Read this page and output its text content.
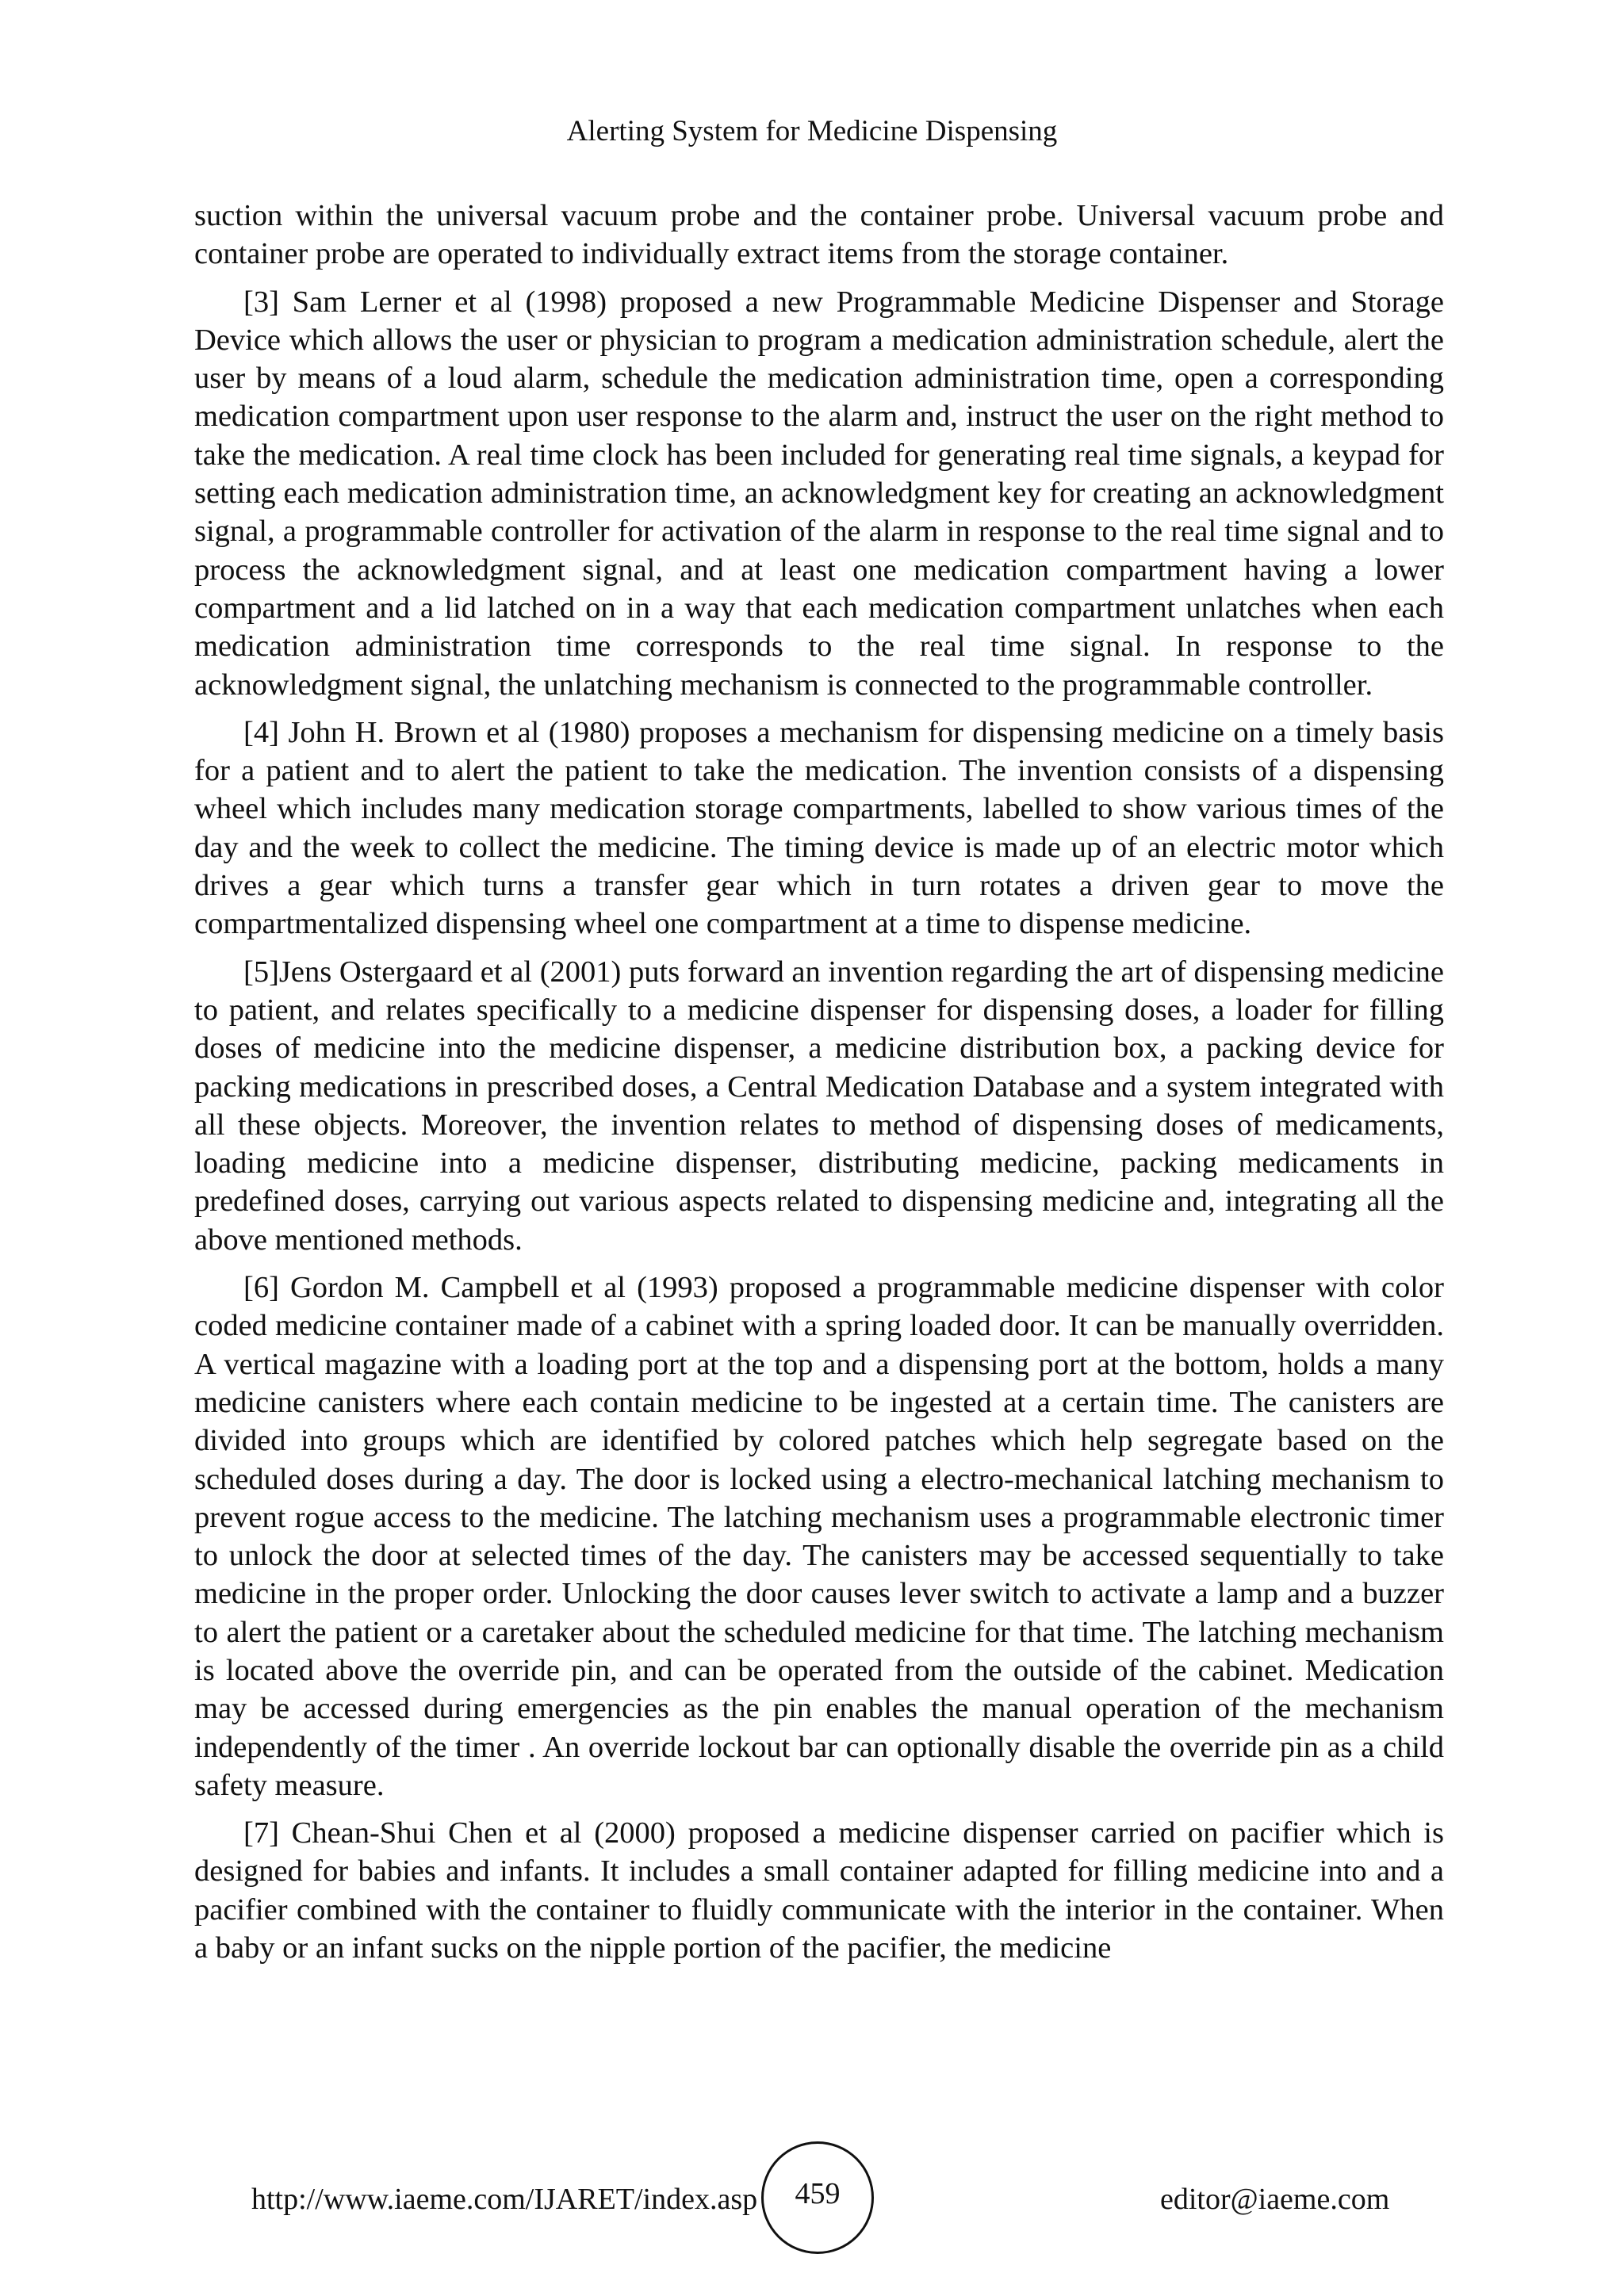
Alerting System for Medicine Dispensing

suction within the universal vacuum probe and the container probe. Universal vacuum probe and container probe are operated to individually extract items from the storage container.

[3] Sam Lerner et al (1998) proposed a new Programmable Medicine Dispenser and Storage Device which allows the user or physician to program a medication administration schedule, alert the user by means of a loud alarm, schedule the medication administration time, open a corresponding medication compartment upon user response to the alarm and, instruct the user on the right method to take the medication. A real time clock has been included for generating real time signals, a keypad for setting each medication administration time, an acknowledgment key for creating an acknowledgment signal, a programmable controller for activation of the alarm in response to the real time signal and to process the acknowledgment signal, and at least one medication compartment having a lower compartment and a lid latched on in a way that each medication compartment unlatches when each medication administration time corresponds to the real time signal. In response to the acknowledgment signal, the unlatching mechanism is connected to the programmable controller.

[4] John H. Brown et al (1980) proposes a mechanism for dispensing medicine on a timely basis for a patient and to alert the patient to take the medication. The invention consists of a dispensing wheel which includes many medication storage compartments, labelled to show various times of the day and the week to collect the medicine. The timing device is made up of an electric motor which drives a gear which turns a transfer gear which in turn rotates a driven gear to move the compartmentalized dispensing wheel one compartment at a time to dispense medicine.

[5]Jens Ostergaard et al (2001) puts forward an invention regarding the art of dispensing medicine to patient, and relates specifically to a medicine dispenser for dispensing doses, a loader for filling doses of medicine into the medicine dispenser, a medicine distribution box, a packing device for packing medications in prescribed doses, a Central Medication Database and a system integrated with all these objects. Moreover, the invention relates to method of dispensing doses of medicaments, loading medicine into a medicine dispenser, distributing medicine, packing medicaments in predefined doses, carrying out various aspects related to dispensing medicine and, integrating all the above mentioned methods.

[6] Gordon M. Campbell et al (1993) proposed a programmable medicine dispenser with color coded medicine container made of a cabinet with a spring loaded door. It can be manually overridden. A vertical magazine with a loading port at the top and a dispensing port at the bottom, holds a many medicine canisters where each contain medicine to be ingested at a certain time. The canisters are divided into groups which are identified by colored patches which help segregate based on the scheduled doses during a day. The door is locked using a electro-mechanical latching mechanism to prevent rogue access to the medicine. The latching mechanism uses a programmable electronic timer to unlock the door at selected times of the day. The canisters may be accessed sequentially to take medicine in the proper order. Unlocking the door causes lever switch to activate a lamp and a buzzer to alert the patient or a caretaker about the scheduled medicine for that time. The latching mechanism is located above the override pin, and can be operated from the outside of the cabinet. Medication may be accessed during emergencies as the pin enables the manual operation of the mechanism independently of the timer . An override lockout bar can optionally disable the override pin as a child safety measure.

[7] Chean-Shui Chen et al (2000) proposed a medicine dispenser carried on pacifier which is designed for babies and infants. It includes a small container adapted for filling medicine into and a pacifier combined with the container to fluidly communicate with the interior in the container. When a baby or an infant sucks on the nipple portion of the pacifier, the medicine

http://www.iaeme.com/IJARET/index.asp 459	editor@iaeme.com
